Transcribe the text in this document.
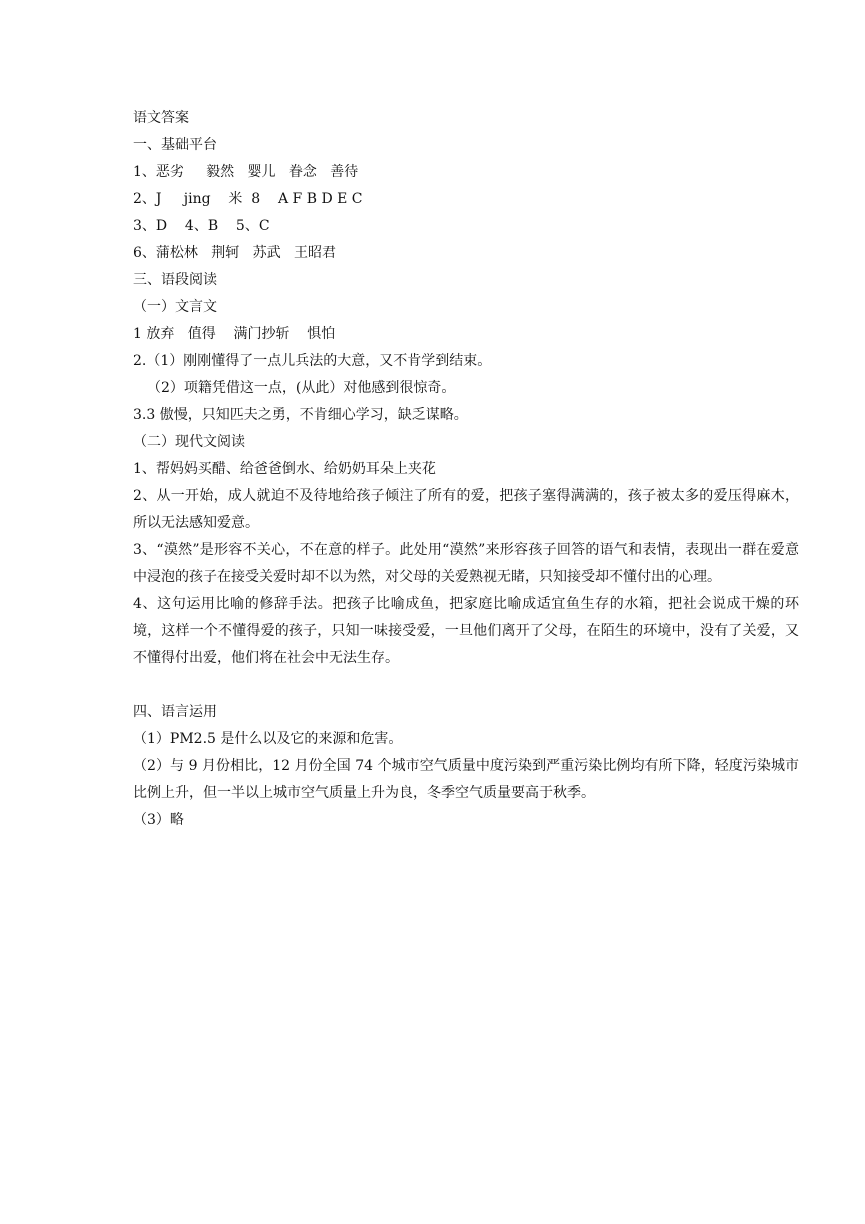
语文答案

一、基础平台

1、恶劣     毅然   婴儿   眷念   善待

2、J     jing    米  8    A F B D E C

3、D    4、B    5、C

6、蒲松林   荆轲   苏武   王昭君

三、语段阅读

（一）文言文

1 放弃   值得    满门抄斩    惧怕

2.（1）刚刚懂得了一点儿兵法的大意，又不肯学到结束。

（2）项籍凭借这一点，(从此）对他感到很惊奇。

3.3 傲慢，只知匹夫之勇，不肯细心学习，缺乏谋略。

（二）现代文阅读

1、帮妈妈买醋、给爸爸倒水、给奶奶耳朵上夹花

2、从一开始，成人就迫不及待地给孩子倾注了所有的爱，把孩子塞得满满的，孩子被太多的爱压得麻木，所以无法感知爱意。

3、“漠然”是形容不关心，不在意的样子。此处用“漠然”来形容孩子回答的语气和表情，表现出一群在爱意中浸泡的孩子在接受关爱时却不以为然，对父母的关爱熟视无睹，只知接受却不懂付出的心理。

4、这句运用比喻的修辞手法。把孩子比喻成鱼，把家庭比喻成适宜鱼生存的水箱，把社会说成干燥的环境，这样一个不懂得爱的孩子，只知一味接受爱，一旦他们离开了父母，在陌生的环境中，没有了关爱，又不懂得付出爱，他们将在社会中无法生存。

四、语言运用

（1）PM2.5 是什么以及它的来源和危害。

（2）与 9 月份相比，12 月份全国 74 个城市空气质量中度污染到严重污染比例均有所下降，轻度污染城市比例上升，但一半以上城市空气质量上升为良，冬季空气质量要高于秋季。

（3）略
